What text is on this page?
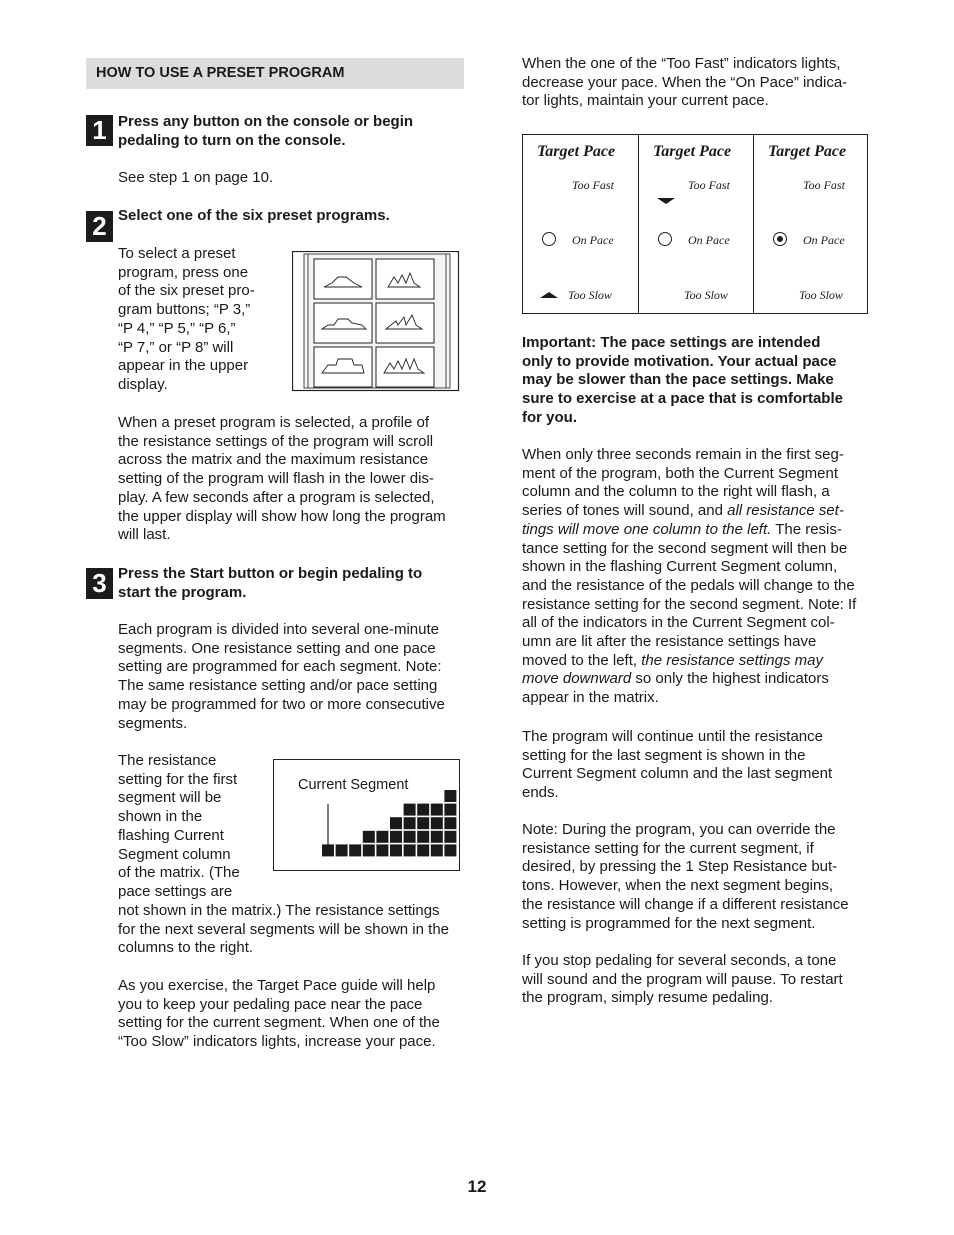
HOW TO USE A PRESET PROGRAM
1 Press any button on the console or begin
pedaling to turn on the console.
See step 1 on page 10.
2 Select one of the six preset programs.
To select a preset
program, press one
of the six preset pro-
gram buttons; “P 3,”
“P 4,” “P 5,” “P 6,”
“P 7,” or “P 8” will
appear in the upper
display.
When a preset program is selected, a profile of
the resistance settings of the program will scroll
across the matrix and the maximum resistance
setting of the program will flash in the lower dis-
play. A few seconds after a program is selected,
the upper display will show how long the program
will last.
3 Press the Start button or begin pedaling to
start the program.
Each program is divided into several one-minute
segments. One resistance setting and one pace
setting are programmed for each segment. Note:
The same resistance setting and/or pace setting
may be programmed for two or more consecutive
segments.
The resistance
setting for the first
segment will be
shown in the
flashing Current
Segment column
of the matrix. (The
pace settings are
Current Segment
not shown in the matrix.) The resistance settings
for the next several segments will be shown in the
columns to the right.
As you exercise, the Target Pace guide will help
you to keep your pedaling pace near the pace
setting for the current segment. When one of the
“Too Slow” indicators lights, increase your pace.
When the one of the “Too Fast” indicators lights,
decrease your pace. When the “On Pace” indica-
tor lights, maintain your current pace.
Target Pace
Too Fast
On Pace
Too Slow
Target Pace
Too Fast
On Pace
Too Slow
Target Pace
Too Fast
On Pace
Too Slow
Important: The pace settings are intended
only to provide motivation. Your actual pace
may be slower than the pace settings. Make
sure to exercise at a pace that is comfortable
for you.
When only three seconds remain in the first seg-
ment of the program, both the Current Segment
column and the column to the right will flash, a
series of tones will sound, and all resistance set-
tings will move one column to the left. The resis-
tance setting for the second segment will then be
shown in the flashing Current Segment column,
and the resistance of the pedals will change to the
resistance setting for the second segment. Note: If
all of the indicators in the Current Segment col-
umn are lit after the resistance settings have
moved to the left, the resistance settings may
move downward so only the highest indicators
appear in the matrix.
The program will continue until the resistance
setting for the last segment is shown in the
Current Segment column and the last segment
ends.
Note: During the program, you can override the
resistance setting for the current segment, if
desired, by pressing the 1 Step Resistance but-
tons. However, when the next segment begins,
the resistance will change if a different resistance
setting is programmed for the next segment.
If you stop pedaling for several seconds, a tone
will sound and the program will pause. To restart
the program, simply resume pedaling.
12
